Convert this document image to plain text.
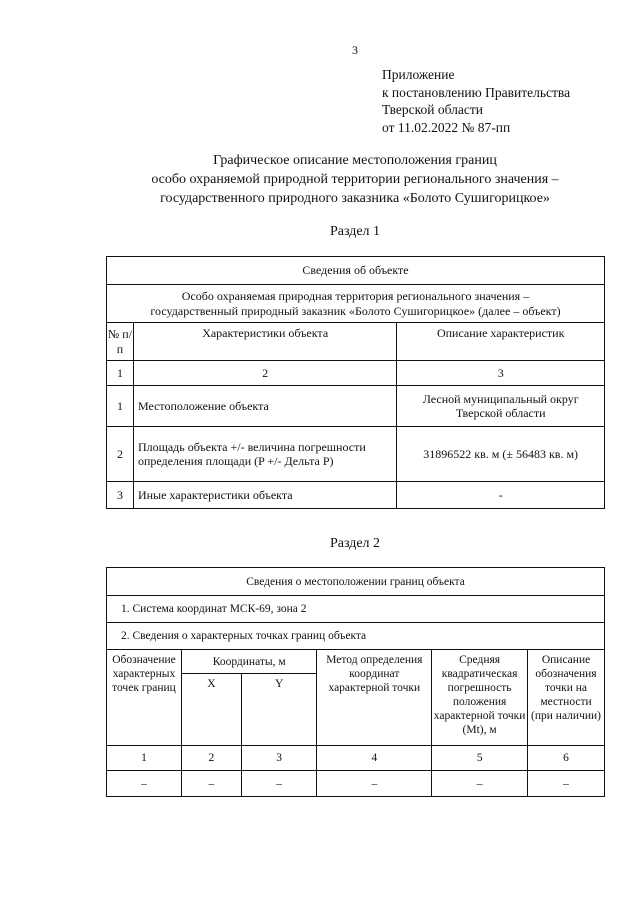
3
Приложение
к постановлению Правительства
Тверской области
от 11.02.2022 № 87-пп
Графическое описание местоположения границ
особо охраняемой природной территории регионального значения –
государственного природного заказника «Болото Сушигорицкое»
Раздел 1
Сведения об объекте		

Особо охраняемая природная территория регионального значения –
государственный природный заказник «Болото Сушигорицкое» (далее – объект)		

№ п/п	Характеристики объекта	Описание характеристик
1	2	3
1	Местоположение объекта	Лесной муниципальный округ Тверской области
2	Площадь объекта +/- величина погрешности определения площади (P +/- Дельта P)	31896522 кв. м (± 56483 кв. м)
3	Иные характеристики объекта	-
Раздел 2
Сведения о местоположении границ объекта					
1. Система координат МСК-69, зона 2					
2. Сведения о характерных точках границ объекта					
Обозначение характерных точек границ	Координаты, м		Метод определения координат характерной точки	Средняя квадратическая погрешность положения характерной точки (Mt), м	Описание обозначения точки на местности (при наличии)
	X	Y			
1	2	3	4	5	6
–	–	–	–	–	–
